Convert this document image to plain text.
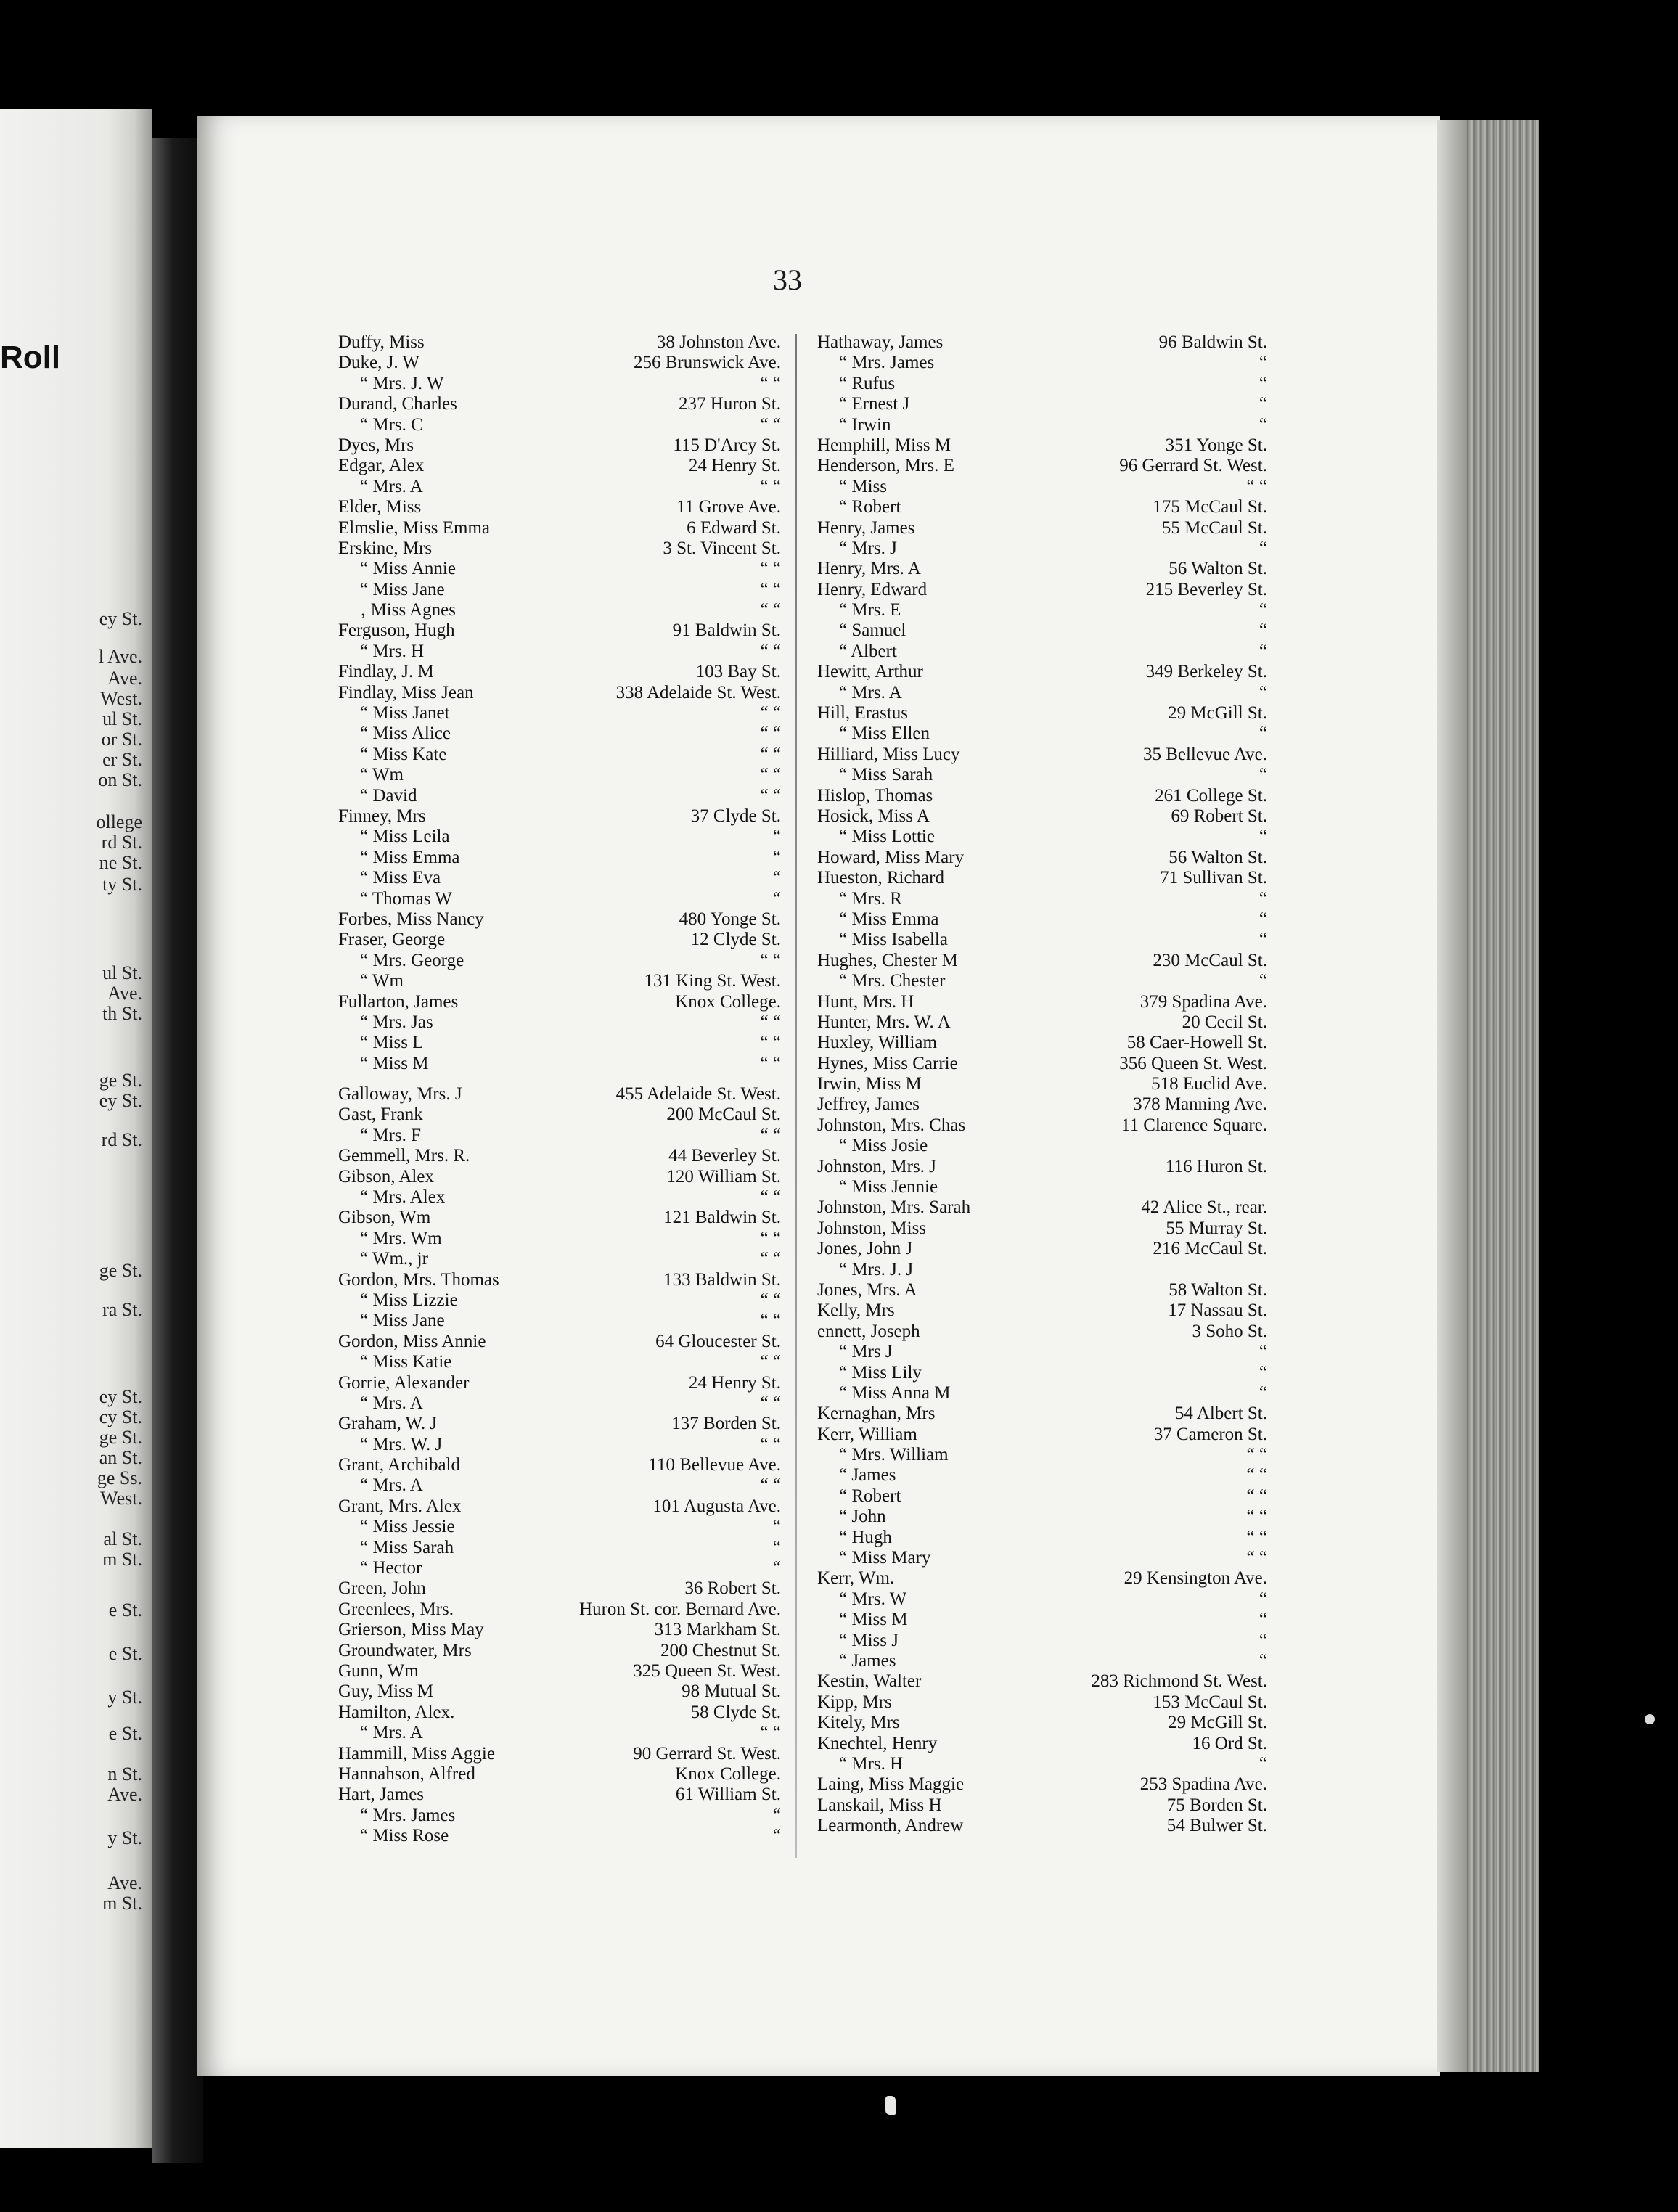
Roll
ey St.
l Ave.
Ave.
West.
ul St.
or St.
er St.
on St.
ollege
rd St.
ne St.
ty St.
ul St.
Ave.
th St.
ge St.
ey St.
rd St.
ge St.
ra St.
ey St.
cy St.
ge St.
an St.
ge Ss.
West.
al St.
m St.
e St.
e St.
y St.
e St.
n St.
Ave.
y St.
Ave.
m St.
33
Duffy, Miss	38 Johnston Ave.
Duke, J. W	256 Brunswick Ave.
“ Mrs. J. W	“ “
Durand, Charles	237 Huron St.
“ Mrs. C	“ “
Dyes, Mrs	115 D'Arcy St.
Edgar, Alex	24 Henry St.
“ Mrs. A	“ “
Elder, Miss	11 Grove Ave.
Elmslie, Miss Emma	6 Edward St.
Erskine, Mrs	3 St. Vincent St.
“ Miss Annie	“ “
“ Miss Jane	“ “
‚ Miss Agnes	“ “
Ferguson, Hugh	91 Baldwin St.
“ Mrs. H	“ “
Findlay, J. M	103 Bay St.
Findlay, Miss Jean	338 Adelaide St. West.
“ Miss Janet	“ “
“ Miss Alice	“ “
“ Miss Kate	“ “
“ Wm	“ “
“ David	“ “
Finney, Mrs	37 Clyde St.
“ Miss Leila	“
“ Miss Emma	“
“ Miss Eva	“
“ Thomas W	“
Forbes, Miss Nancy	480 Yonge St.
Fraser, George	12 Clyde St.
“ Mrs. George	“ “
“ Wm	131 King St. West.
Fullarton, James	Knox College.
“ Mrs. Jas	“ “
“ Miss L	“ “
“ Miss M	“ “
Galloway, Mrs. J	455 Adelaide St. West.
Gast, Frank	200 McCaul St.
“ Mrs. F	“ “
Gemmell, Mrs. R.	44 Beverley St.
Gibson, Alex	120 William St.
“ Mrs. Alex	“ “
Gibson, Wm	121 Baldwin St.
“ Mrs. Wm	“ “
“ Wm., jr	“ “
Gordon, Mrs. Thomas	133 Baldwin St.
“ Miss Lizzie	“ “
“ Miss Jane	“ “
Gordon, Miss Annie	64 Gloucester St.
“ Miss Katie	“ “
Gorrie, Alexander	24 Henry St.
“ Mrs. A	“ “
Graham, W. J	137 Borden St.
“ Mrs. W. J	“ “
Grant, Archibald	110 Bellevue Ave.
“ Mrs. A	“ “
Grant, Mrs. Alex	101 Augusta Ave.
“ Miss Jessie	“
“ Miss Sarah	“
“ Hector	“
Green, John	36 Robert St.
Greenlees, Mrs.	Huron St. cor. Bernard Ave.
Grierson, Miss May	313 Markham St.
Groundwater, Mrs	200 Chestnut St.
Gunn, Wm	325 Queen St. West.
Guy, Miss M	98 Mutual St.
Hamilton, Alex.	58 Clyde St.
“ Mrs. A	“ “
Hammill, Miss Aggie	90 Gerrard St. West.
Hannahson, Alfred	Knox College.
Hart, James	61 William St.
“ Mrs. James	“
“ Miss Rose	“
Hathaway, James	96 Baldwin St.
“ Mrs. James	“
“ Rufus	“
“ Ernest J	“
“ Irwin	“
Hemphill, Miss M	351 Yonge St.
Henderson, Mrs. E	96 Gerrard St. West.
“ Miss	“ “
“ Robert	175 McCaul St.
Henry, James	55 McCaul St.
“ Mrs. J	“
Henry, Mrs. A	56 Walton St.
Henry, Edward	215 Beverley St.
“ Mrs. E	“
“ Samuel	“
“ Albert	“
Hewitt, Arthur	349 Berkeley St.
“ Mrs. A	“
Hill, Erastus	29 McGill St.
“ Miss Ellen	“
Hilliard, Miss Lucy	35 Bellevue Ave.
“ Miss Sarah	“
Hislop, Thomas	261 College St.
Hosick, Miss A	69 Robert St.
“ Miss Lottie	“
Howard, Miss Mary	56 Walton St.
Hueston, Richard	71 Sullivan St.
“ Mrs. R	“
“ Miss Emma	“
“ Miss Isabella	“
Hughes, Chester M	230 McCaul St.
“ Mrs. Chester	“
Hunt, Mrs. H	379 Spadina Ave.
Hunter, Mrs. W. A	20 Cecil St.
Huxley, William	58 Caer-Howell St.
Hynes, Miss Carrie	356 Queen St. West.
Irwin, Miss M	518 Euclid Ave.
Jeffrey, James	378 Manning Ave.
Johnston, Mrs. Chas	11 Clarence Square.
“ Miss Josie
Johnston, Mrs. J	116 Huron St.
“ Miss Jennie
Johnston, Mrs. Sarah	42 Alice St., rear.
Johnston, Miss	55 Murray St.
Jones, John J	216 McCaul St.
“ Mrs. J. J
Jones, Mrs. A	58 Walton St.
Kelly, Mrs	17 Nassau St.
ennett, Joseph	3 Soho St.
“ Mrs J	“
“ Miss Lily	“
“ Miss Anna M	“
Kernaghan, Mrs	54 Albert St.
Kerr, William	37 Cameron St.
“ Mrs. William	“ “
“ James	“ “
“ Robert	“ “
“ John	“ “
“ Hugh	“ “
“ Miss Mary	“ “
Kerr, Wm.	29 Kensington Ave.
“ Mrs. W	“
“ Miss M	“
“ Miss J	“
“ James	“
Kestin, Walter	283 Richmond St. West.
Kipp, Mrs	153 McCaul St.
Kitely, Mrs	29 McGill St.
Knechtel, Henry	16 Ord St.
“ Mrs. H	“
Laing, Miss Maggie	253 Spadina Ave.
Lanskail, Miss H	75 Borden St.
Learmonth, Andrew	54 Bulwer St.
